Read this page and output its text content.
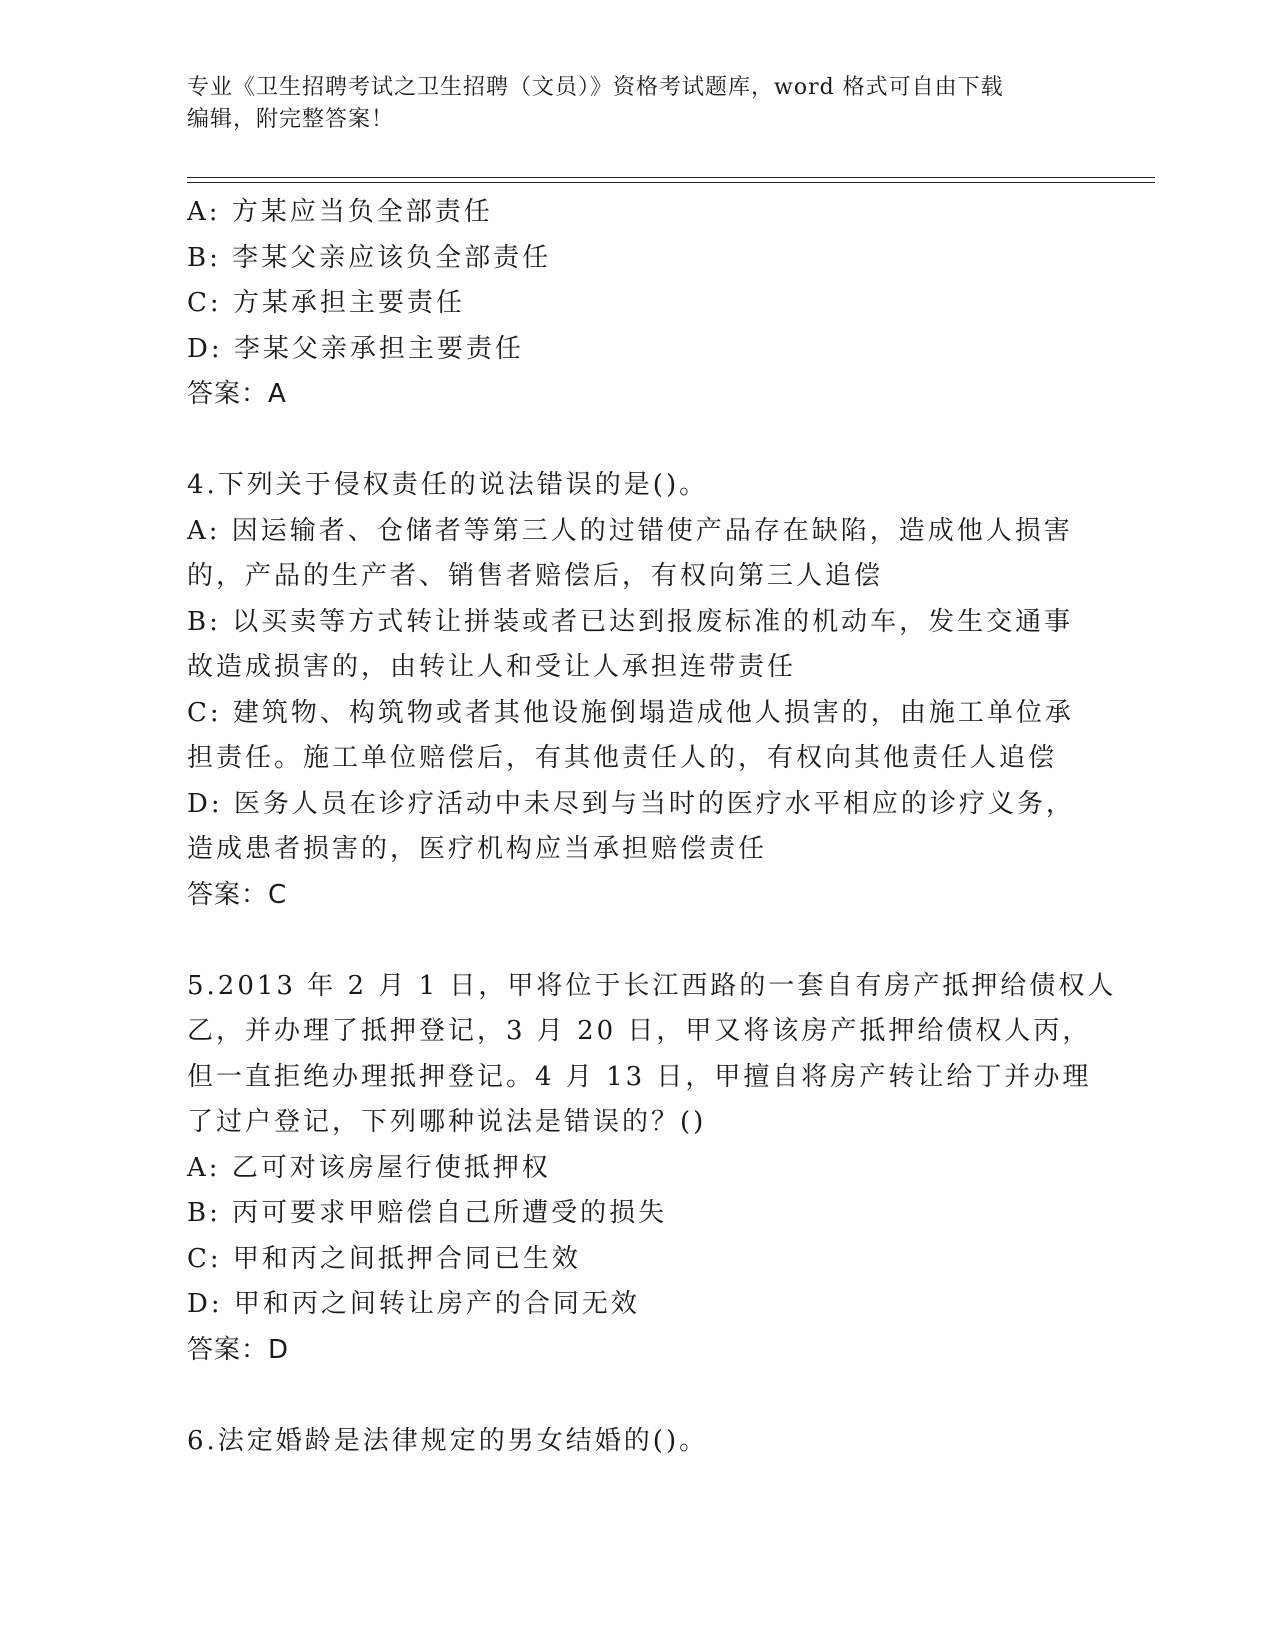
专业《卫生招聘考试之卫生招聘（文员）》资格考试题库，word 格式可自由下载
编辑，附完整答案！
A: 方某应当负全部责任
B: 李某父亲应该负全部责任
C: 方某承担主要责任
D: 李某父亲承担主要责任
答案：A
4.下列关于侵权责任的说法错误的是()。
A: 因运输者、仓储者等第三人的过错使产品存在缺陷，造成他人损害
的，产品的生产者、销售者赔偿后，有权向第三人追偿
B: 以买卖等方式转让拼装或者已达到报废标准的机动车，发生交通事
故造成损害的，由转让人和受让人承担连带责任
C: 建筑物、构筑物或者其他设施倒塌造成他人损害的，由施工单位承
担责任。施工单位赔偿后，有其他责任人的，有权向其他责任人追偿
D: 医务人员在诊疗活动中未尽到与当时的医疗水平相应的诊疗义务，
造成患者损害的，医疗机构应当承担赔偿责任
答案：C
5.2013 年 2 月 1 日，甲将位于长江西路的一套自有房产抵押给债权人
乙，并办理了抵押登记，3 月 20 日，甲又将该房产抵押给债权人丙，
但一直拒绝办理抵押登记。4 月 13 日，甲擅自将房产转让给丁并办理
了过户登记，下列哪种说法是错误的？()
A: 乙可对该房屋行使抵押权
B: 丙可要求甲赔偿自己所遭受的损失
C: 甲和丙之间抵押合同已生效
D: 甲和丙之间转让房产的合同无效
答案：D
6.法定婚龄是法律规定的男女结婚的()。
